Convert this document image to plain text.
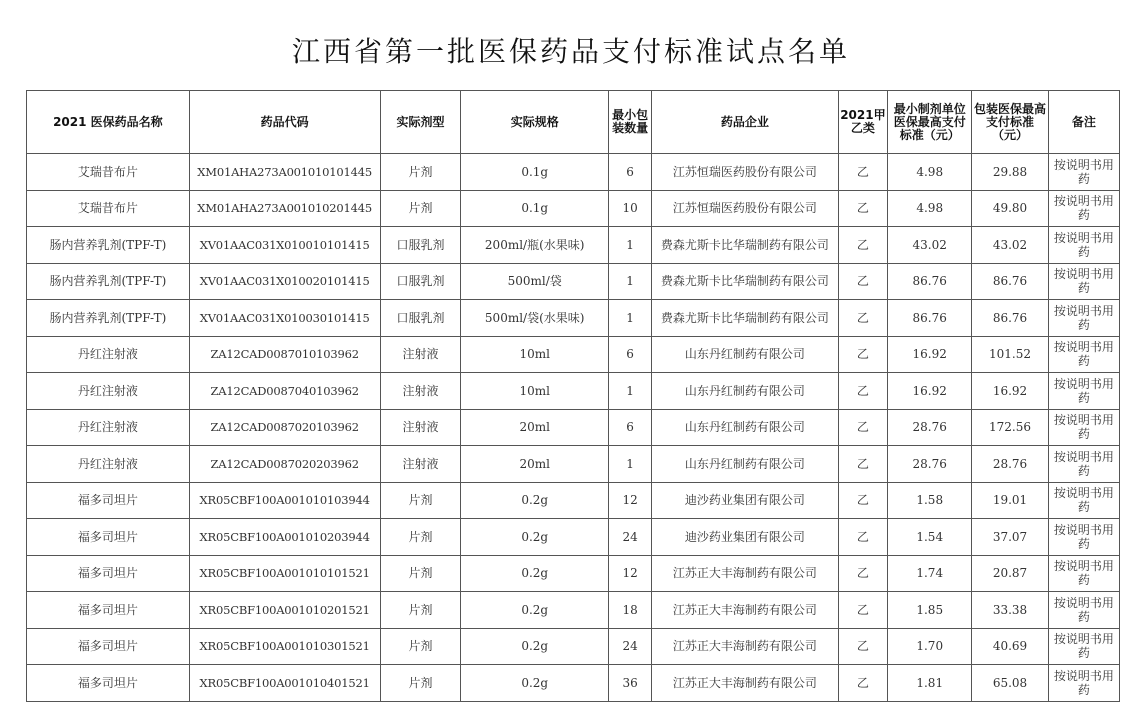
江西省第一批医保药品支付标准试点名单
2021 医保药品名称	药品代码	实际剂型	实际规格	最小包装数量	药品企业	2021甲乙类	最小制剂单位医保最高支付标准（元）	包装医保最高支付标准（元）	备注
艾瑞昔布片	XM01AHA273A001010101445	片剂	0.1g	6	江苏恒瑞医药股份有限公司	乙	4.98	29.88	按说明书用药
艾瑞昔布片	XM01AHA273A001010201445	片剂	0.1g	10	江苏恒瑞医药股份有限公司	乙	4.98	49.80	按说明书用药
肠内营养乳剂(TPF-T)	XV01AAC031X010010101415	口服乳剂	200ml/瓶(水果味)	1	费森尤斯卡比华瑞制药有限公司	乙	43.02	43.02	按说明书用药
肠内营养乳剂(TPF-T)	XV01AAC031X010020101415	口服乳剂	500ml/袋	1	费森尤斯卡比华瑞制药有限公司	乙	86.76	86.76	按说明书用药
肠内营养乳剂(TPF-T)	XV01AAC031X010030101415	口服乳剂	500ml/袋(水果味)	1	费森尤斯卡比华瑞制药有限公司	乙	86.76	86.76	按说明书用药
丹红注射液	ZA12CAD0087010103962	注射液	10ml	6	山东丹红制药有限公司	乙	16.92	101.52	按说明书用药
丹红注射液	ZA12CAD0087040103962	注射液	10ml	1	山东丹红制药有限公司	乙	16.92	16.92	按说明书用药
丹红注射液	ZA12CAD0087020103962	注射液	20ml	6	山东丹红制药有限公司	乙	28.76	172.56	按说明书用药
丹红注射液	ZA12CAD0087020203962	注射液	20ml	1	山东丹红制药有限公司	乙	28.76	28.76	按说明书用药
福多司坦片	XR05CBF100A001010103944	片剂	0.2g	12	迪沙药业集团有限公司	乙	1.58	19.01	按说明书用药
福多司坦片	XR05CBF100A001010203944	片剂	0.2g	24	迪沙药业集团有限公司	乙	1.54	37.07	按说明书用药
福多司坦片	XR05CBF100A001010101521	片剂	0.2g	12	江苏正大丰海制药有限公司	乙	1.74	20.87	按说明书用药
福多司坦片	XR05CBF100A001010201521	片剂	0.2g	18	江苏正大丰海制药有限公司	乙	1.85	33.38	按说明书用药
福多司坦片	XR05CBF100A001010301521	片剂	0.2g	24	江苏正大丰海制药有限公司	乙	1.70	40.69	按说明书用药
福多司坦片	XR05CBF100A001010401521	片剂	0.2g	36	江苏正大丰海制药有限公司	乙	1.81	65.08	按说明书用药
